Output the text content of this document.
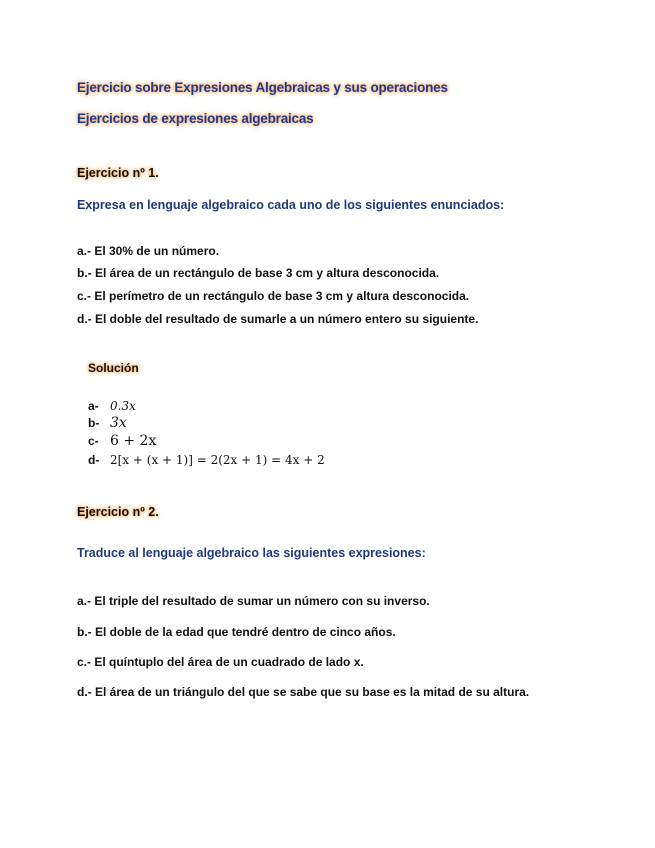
Ejercicio sobre Expresiones Algebraicas y sus operaciones
Ejercicios de expresiones algebraicas
Ejercicio nº 1.
Expresa en lenguaje algebraico cada uno de los siguientes enunciados:
a.- El 30% de un número.
b.- El área de un rectángulo de base 3 cm y altura desconocida.
c.- El perímetro de un rectángulo de base 3 cm y altura desconocida.
d.- El doble del resultado de sumarle a un número entero su siguiente.
Solución
a- 0.3x
b- 3x
c- 6 + 2x
d- 2[x + (x + 1)] = 2(2x + 1) = 4x + 2
Ejercicio nº 2.
Traduce al lenguaje algebraico las siguientes expresiones:
a.- El triple del resultado de sumar un número con su inverso.
b.- El doble de la edad que tendré dentro de cinco años.
c.- El quíntuplo del área de un cuadrado de lado x.
d.- El área de un triángulo del que se sabe que su base es la mitad de su altura.
